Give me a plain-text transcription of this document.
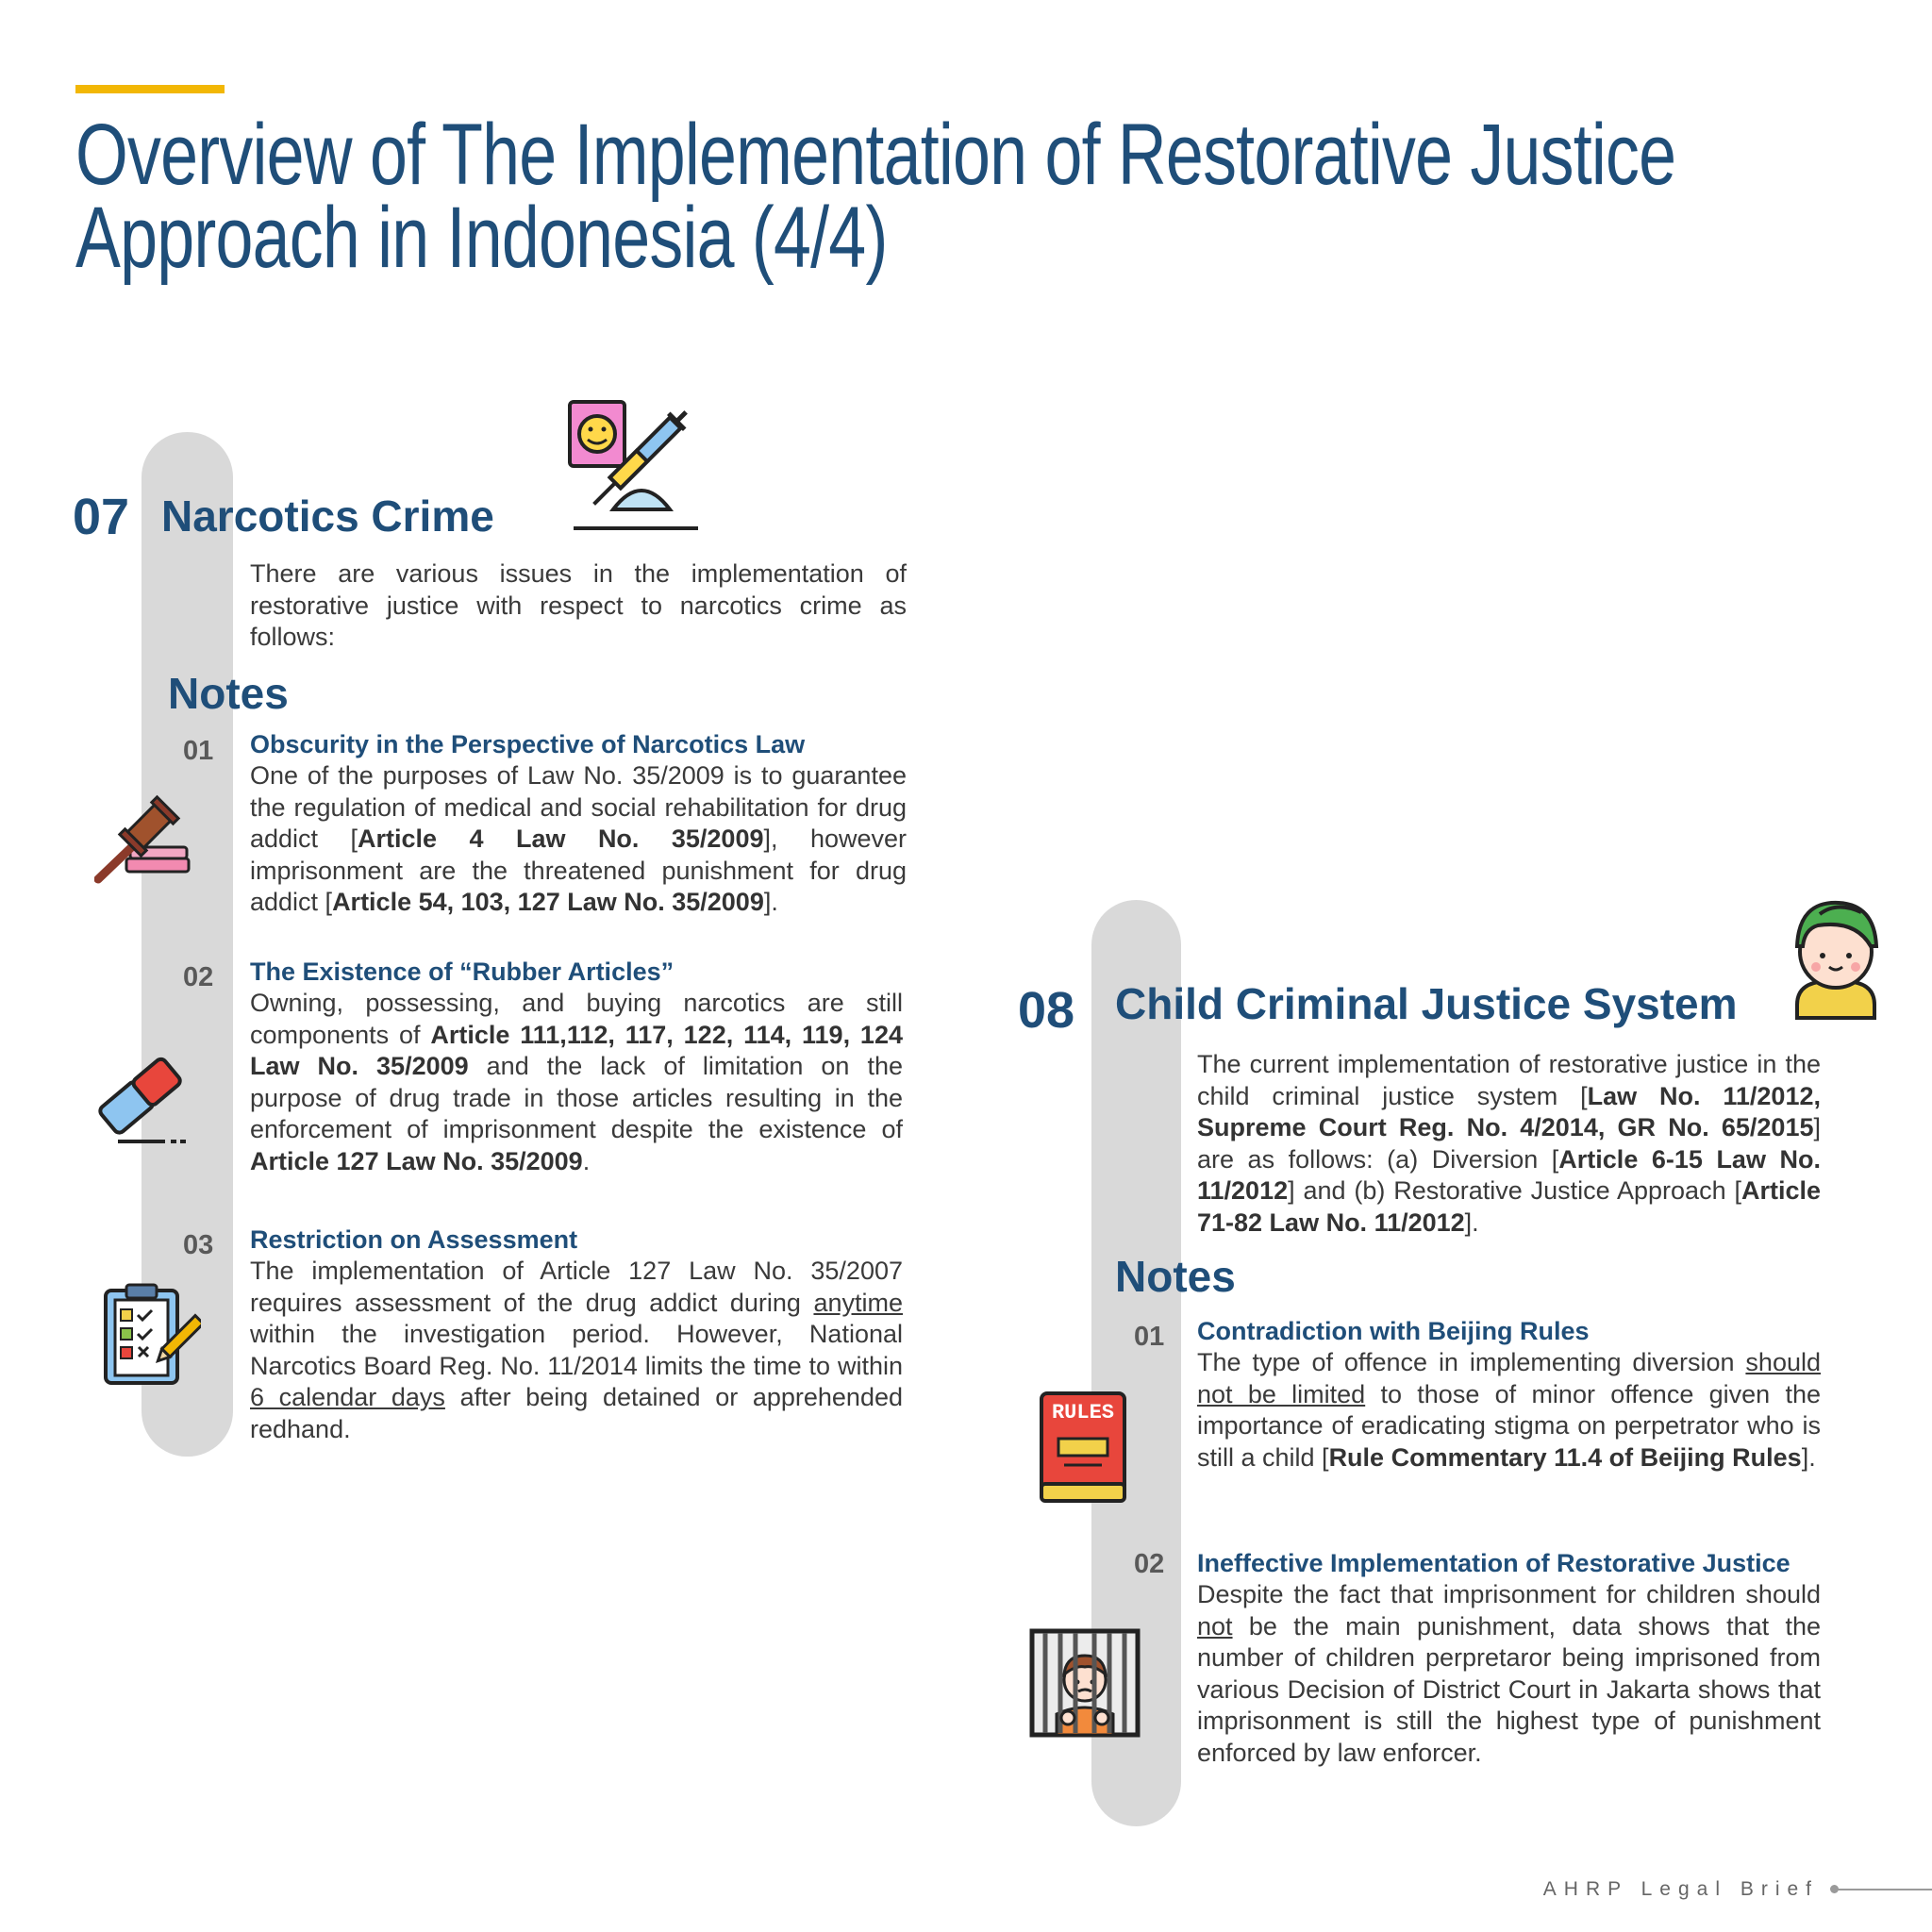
Overview of The Implementation of Restorative Justice
Approach in Indonesia (4/4)
07 Narcotics Crime
There are various issues in the implementation of restorative justice with respect to narcotics crime as follows:
Notes
01 Obscurity in the Perspective of Narcotics Law
One of the purposes of Law No. 35/2009 is to guarantee the regulation of medical and social rehabilitation for drug addict [Article 4 Law No. 35/2009], however imprisonment are the threatened punishment for drug addict [Article 54, 103, 127 Law No. 35/2009].
02 The Existence of “Rubber Articles”
Owning, possessing, and buying narcotics are still components of Article 111,112, 117, 122, 114, 119, 124 Law No. 35/2009 and the lack of limitation on the purpose of drug trade in those articles resulting in the enforcement of imprisonment despite the existence of Article 127 Law No. 35/2009.
03 Restriction on Assessment
The implementation of Article 127 Law No. 35/2007 requires assessment of the drug addict during anytime within the investigation period. However, National Narcotics Board Reg. No. 11/2014 limits the time to within 6 calendar days after being detained or apprehended redhand.
08 Child Criminal Justice System
The current implementation of restorative justice in the child criminal justice system [Law No. 11/2012, Supreme Court Reg. No. 4/2014, GR No. 65/2015] are as follows: (a) Diversion [Article 6-15 Law No. 11/2012] and (b) Restorative Justice Approach [Article 71-82 Law No. 11/2012].
Notes
01 Contradiction with Beijing Rules
The type of offence in implementing diversion should not be limited to those of minor offence given the importance of eradicating stigma on perpetrator who is still a child [Rule Commentary 11.4 of Beijing Rules].
RULES
02 Ineffective Implementation of Restorative Justice
Despite the fact that imprisonment for children should not be the main punishment, data shows that the number of children perpretaror being imprisoned from various Decision of District Court in Jakarta shows that imprisonment is still the highest type of punishment enforced by law enforcer.
AHRP Legal Brief
